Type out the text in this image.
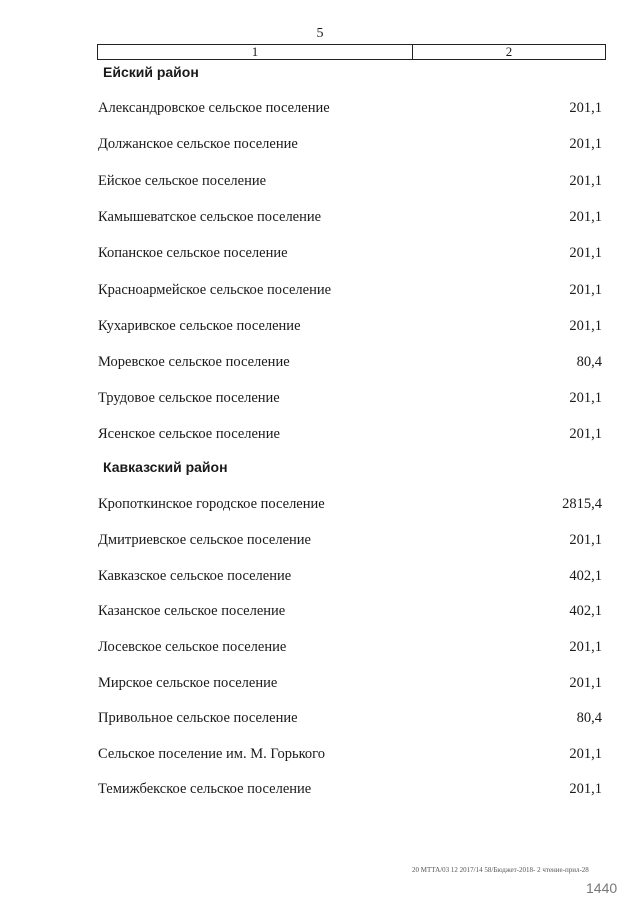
5
1	2
Ейский район
Александровское сельское поселение	201,1
Должанское сельское поселение	201,1
Ейское сельское поселение	201,1
Камышеватское сельское поселение	201,1
Копанское сельское поселение	201,1
Красноармейское сельское поселение	201,1
Кухаривское сельское поселение	201,1
Моревское сельское поселение	80,4
Трудовое сельское поселение	201,1
Ясенское сельское поселение	201,1
Кавказский район
Кропоткинское городское поселение	2815,4
Дмитриевское сельское поселение	201,1
Кавказское сельское поселение	402,1
Казанское сельское поселение	402,1
Лосевское сельское поселение	201,1
Мирское сельское поселение	201,1
Привольное сельское поселение	80,4
Сельское поселение им. М. Горького	201,1
Темижбекское сельское поселение	201,1
20 МТТА/03 12 2017/14 58/Бюджет-2018- 2 чтение-прил-28
1440
